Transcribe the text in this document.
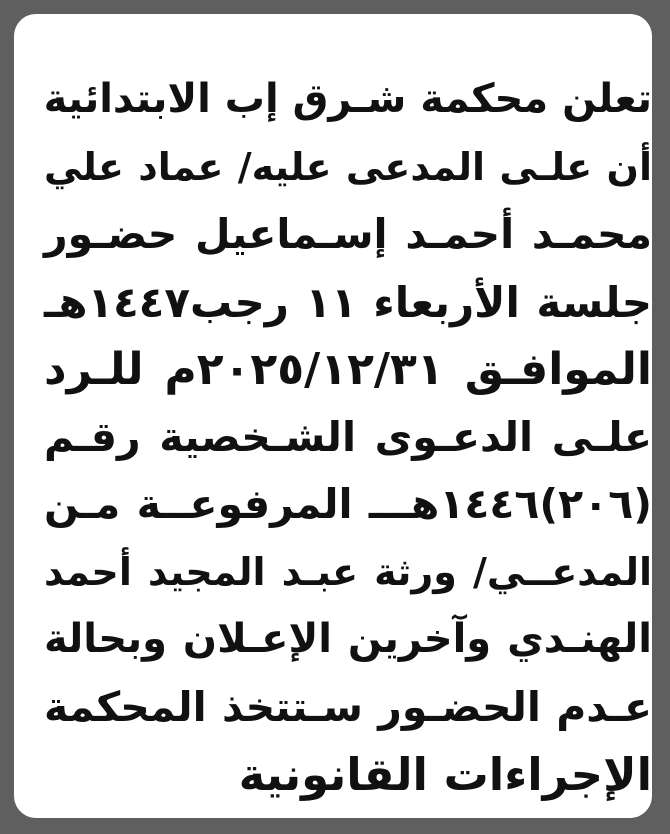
تعلن محكمة شـرق إب الابتدائية
أن علـى المدعى عليه/ عماد علي
محمـد أحمـد إسـماعيل حضـور
جلسة الأربعاء ١١ رجب١٤٤٧هـ
الموافـق ٢٠٢٥/١٢/٣١م للـرد
علـى الدعـوى الشـخصية رقـم
(٢٠٦)١٤٤٦هـــ المرفوعــة مـن
المدعــي/ ورثة عبـد المجيد أحمد
الهنـدي وآخرين الإعـلان وبحالة
عـدم الحضـور سـتتخذ المحكمة
الإجراءات القانونية
